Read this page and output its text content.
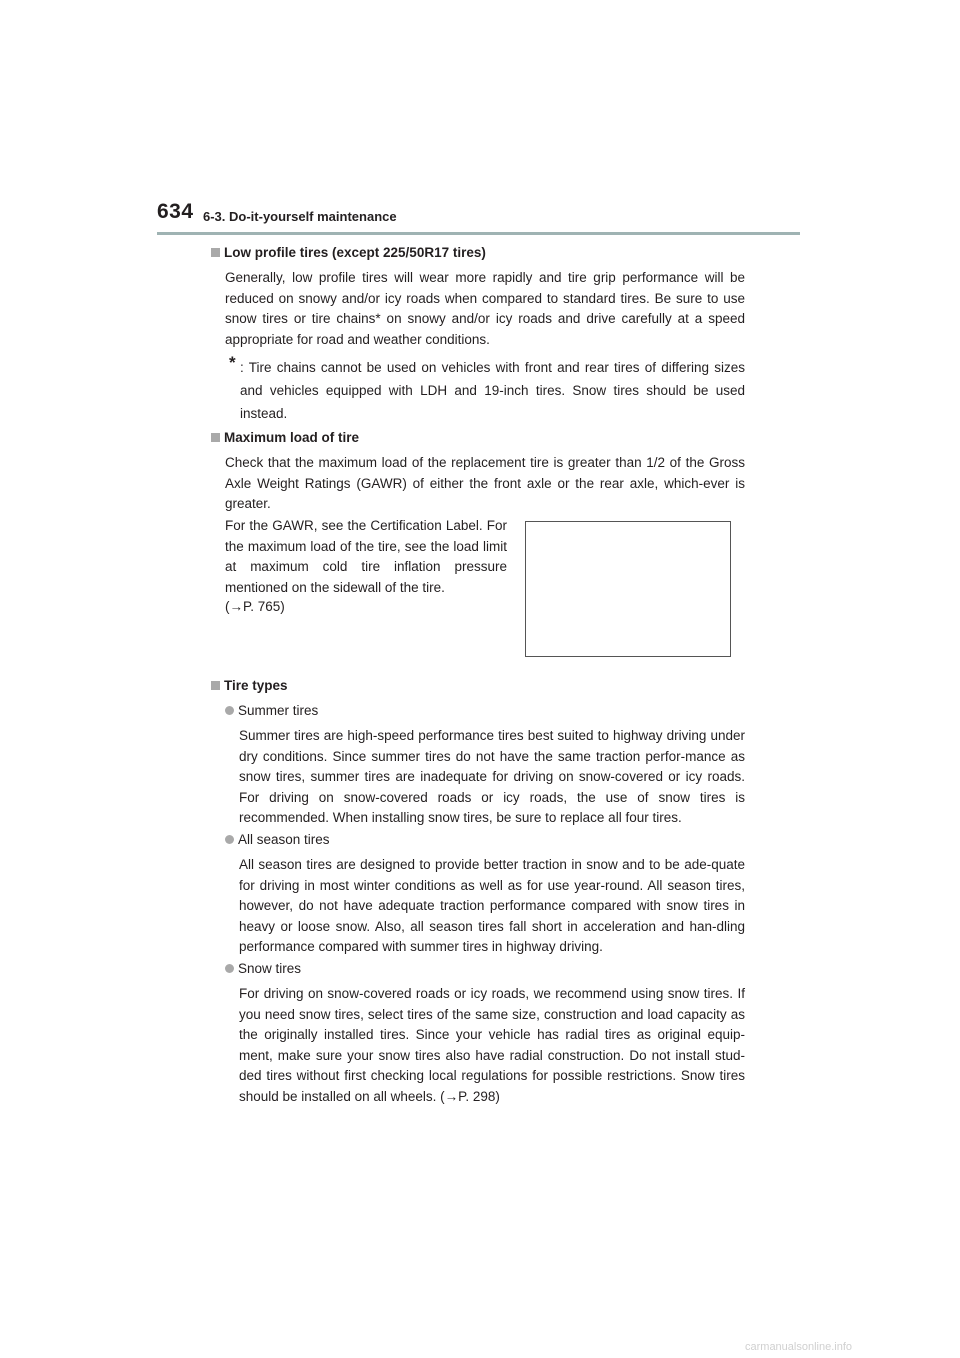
634 6-3. Do-it-yourself maintenance
Low profile tires (except 225/50R17 tires)
Generally, low profile tires will wear more rapidly and tire grip performance will be reduced on snowy and/or icy roads when compared to standard tires. Be sure to use snow tires or tire chains* on snowy and/or icy roads and drive carefully at a speed appropriate for road and weather conditions.
* : Tire chains cannot be used on vehicles with front and rear tires of differing sizes and vehicles equipped with LDH and 19-inch tires. Snow tires should be used instead.
Maximum load of tire
Check that the maximum load of the replacement tire is greater than 1/2 of the Gross Axle Weight Ratings (GAWR) of either the front axle or the rear axle, which-ever is greater.
For the GAWR, see the Certification Label. For the maximum load of the tire, see the load limit at maximum cold tire inflation pressure mentioned on the sidewall of the tire.
(→P. 765)
Tire types
Summer tires
Summer tires are high-speed performance tires best suited to highway driving under dry conditions. Since summer tires do not have the same traction perfor-mance as snow tires, summer tires are inadequate for driving on snow-covered or icy roads. For driving on snow-covered roads or icy roads, the use of snow tires is recommended. When installing snow tires, be sure to replace all four tires.
All season tires
All season tires are designed to provide better traction in snow and to be ade-quate for driving in most winter conditions as well as for use year-round. All season tires, however, do not have adequate traction performance compared with snow tires in heavy or loose snow. Also, all season tires fall short in acceleration and han-dling performance compared with summer tires in highway driving.
Snow tires
For driving on snow-covered roads or icy roads, we recommend using snow tires. If you need snow tires, select tires of the same size, construction and load capacity as the originally installed tires. Since your vehicle has radial tires as original equip-ment, make sure your snow tires also have radial construction. Do not install stud-ded tires without first checking local regulations for possible restrictions. Snow tires should be installed on all wheels. (→P. 298)
carmanualsonline.info
